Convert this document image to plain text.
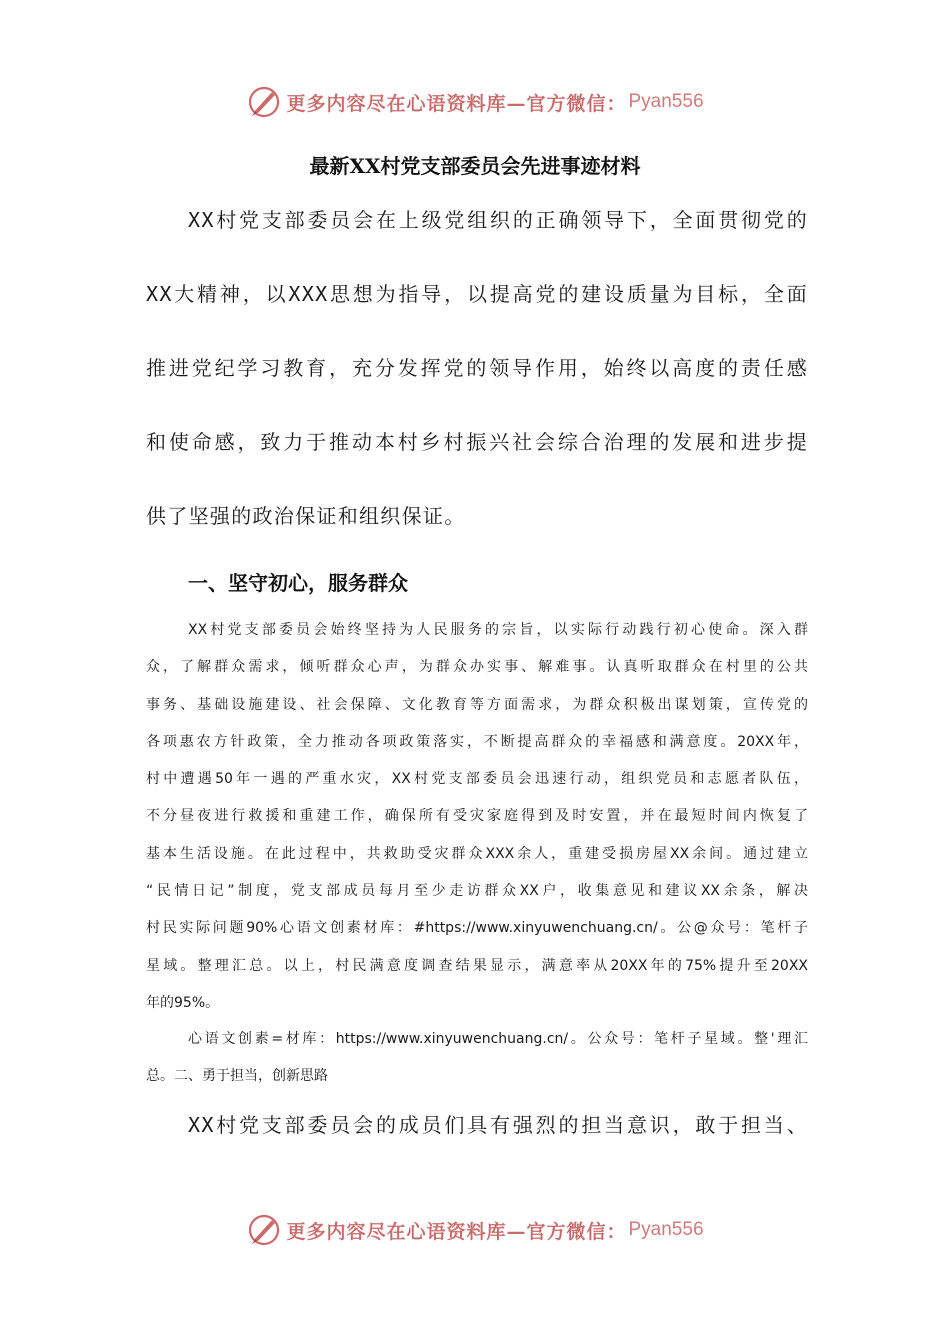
更多内容尽在心语资料库—官方微信： Pyan556
最新XX村党支部委员会先进事迹材料
XX村党支部委员会在上级党组织的正确领导下，全面贯彻党的
XX大精神，以XXX思想为指导，以提高党的建设质量为目标，全面
推进党纪学习教育，充分发挥党的领导作用，始终以高度的责任感
和使命感，致力于推动本村乡村振兴社会综合治理的发展和进步提
供了坚强的政治保证和组织保证。
一、坚守初心，服务群众
XX村党支部委员会始终坚持为人民服务的宗旨，以实际行动践行初心使命。深入群
众，了解群众需求，倾听群众心声，为群众办实事、解难事。认真听取群众在村里的公共
事务、基础设施建设、社会保障、文化教育等方面需求，为群众积极出谋划策，宣传党的
各项惠农方针政策，全力推动各项政策落实，不断提高群众的幸福感和满意度。20XX年，
村中遭遇50年一遇的严重水灾，XX村党支部委员会迅速行动，组织党员和志愿者队伍，
不分昼夜进行救援和重建工作，确保所有受灾家庭得到及时安置，并在最短时间内恢复了
基本生活设施。在此过程中，共救助受灾群众XXX余人，重建受损房屋XX余间。通过建立
“民情日记”制度，党支部成员每月至少走访群众XX户，收集意见和建议XX余条，解决
村民实际问题90%心语文创素材库：#https://www.xinyuwenchuang.cn/。公@众号：笔杆子
星域。整理汇总。以上，村民满意度调查结果显示，满意率从20XX年的75%提升至20XX
年的95%。
心语文创素=材库：https://www.xinyuwenchuang.cn/。公众号：笔杆子星域。整'理汇
总。二、勇于担当，创新思路
XX村党支部委员会的成员们具有强烈的担当意识，敢于担当、
更多内容尽在心语资料库—官方微信： Pyan556
